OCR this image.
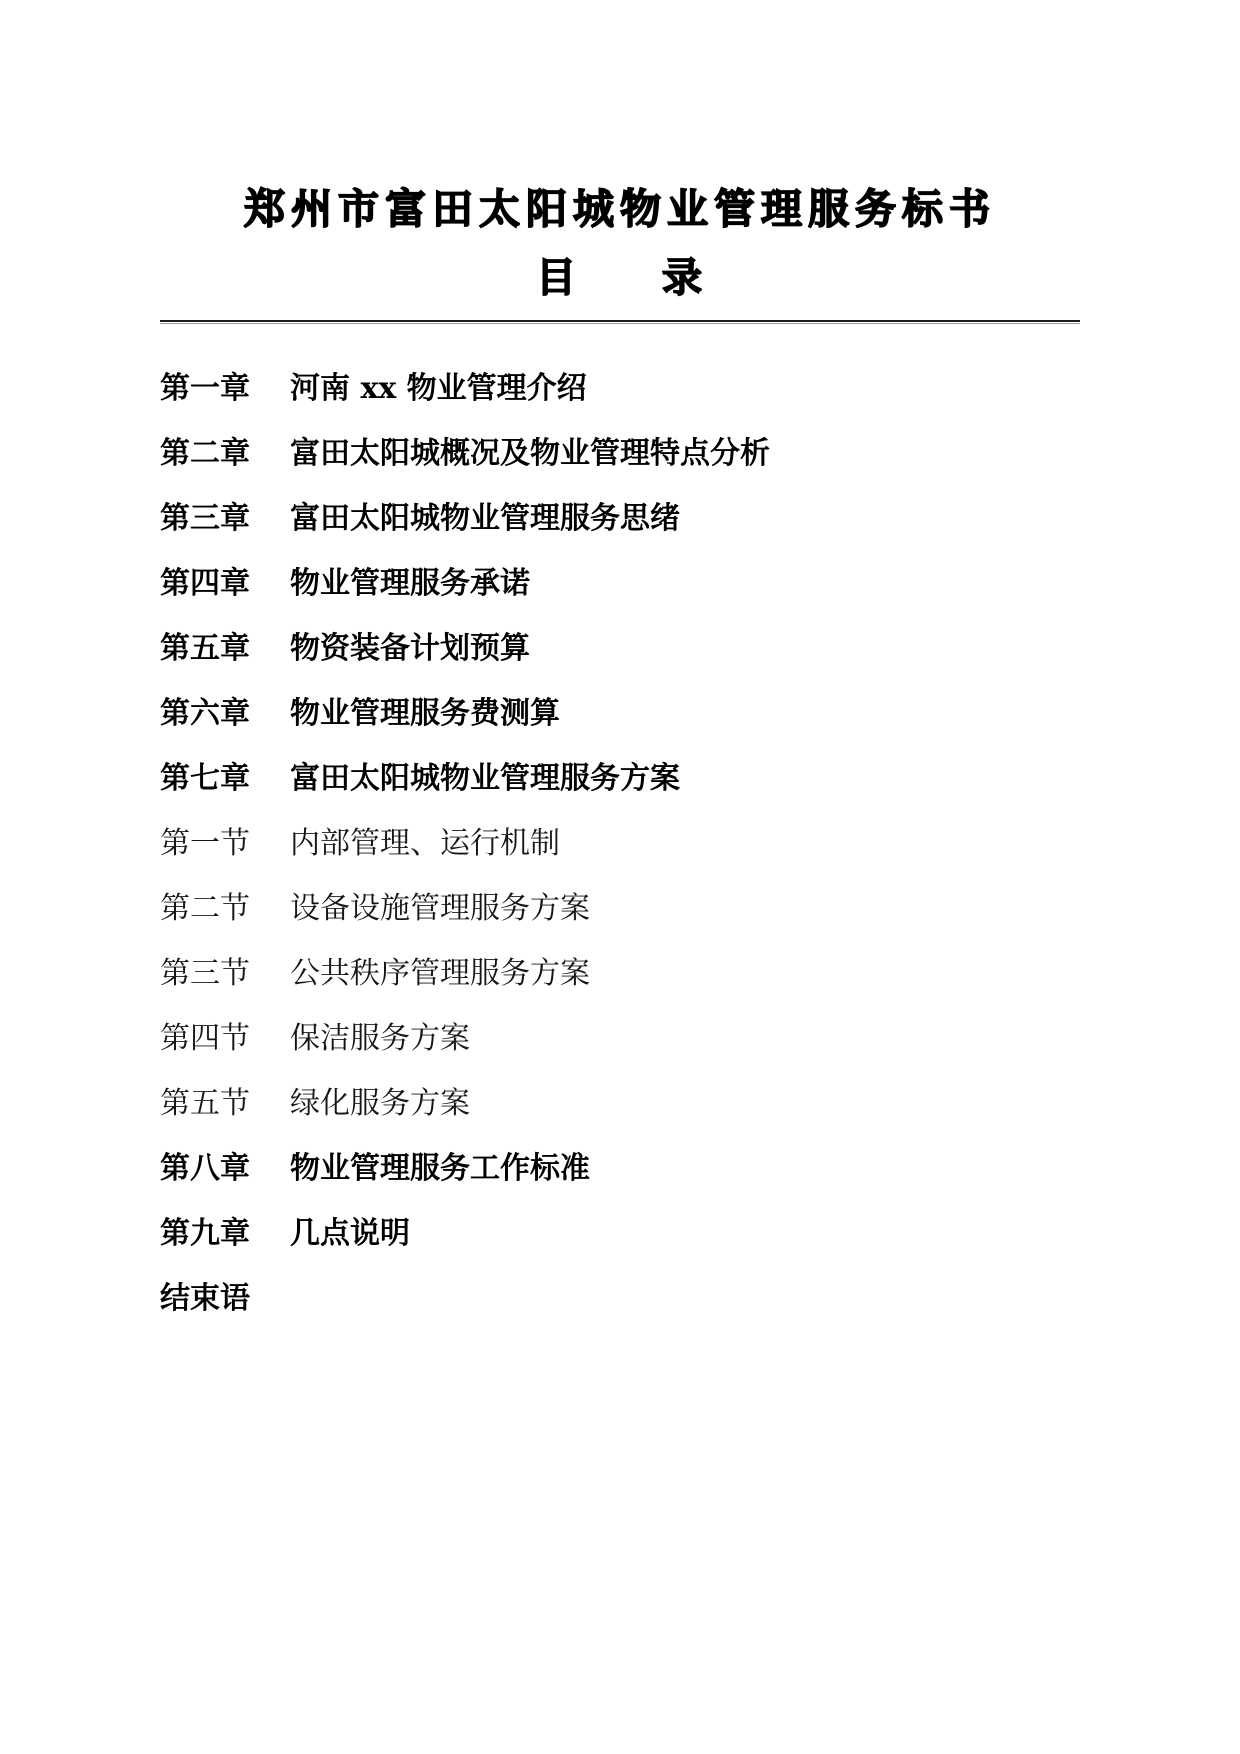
郑州市富田太阳城物业管理服务标书
目　　录
第一章	河南 xx 物业管理介绍
第二章	富田太阳城概况及物业管理特点分析
第三章	富田太阳城物业管理服务思绪
第四章	物业管理服务承诺
第五章	物资装备计划预算
第六章	物业管理服务费测算
第七章	富田太阳城物业管理服务方案
第一节	内部管理、运行机制
第二节	设备设施管理服务方案
第三节	公共秩序管理服务方案
第四节	保洁服务方案
第五节	绿化服务方案
第八章	物业管理服务工作标准
第九章	几点说明
结束语
